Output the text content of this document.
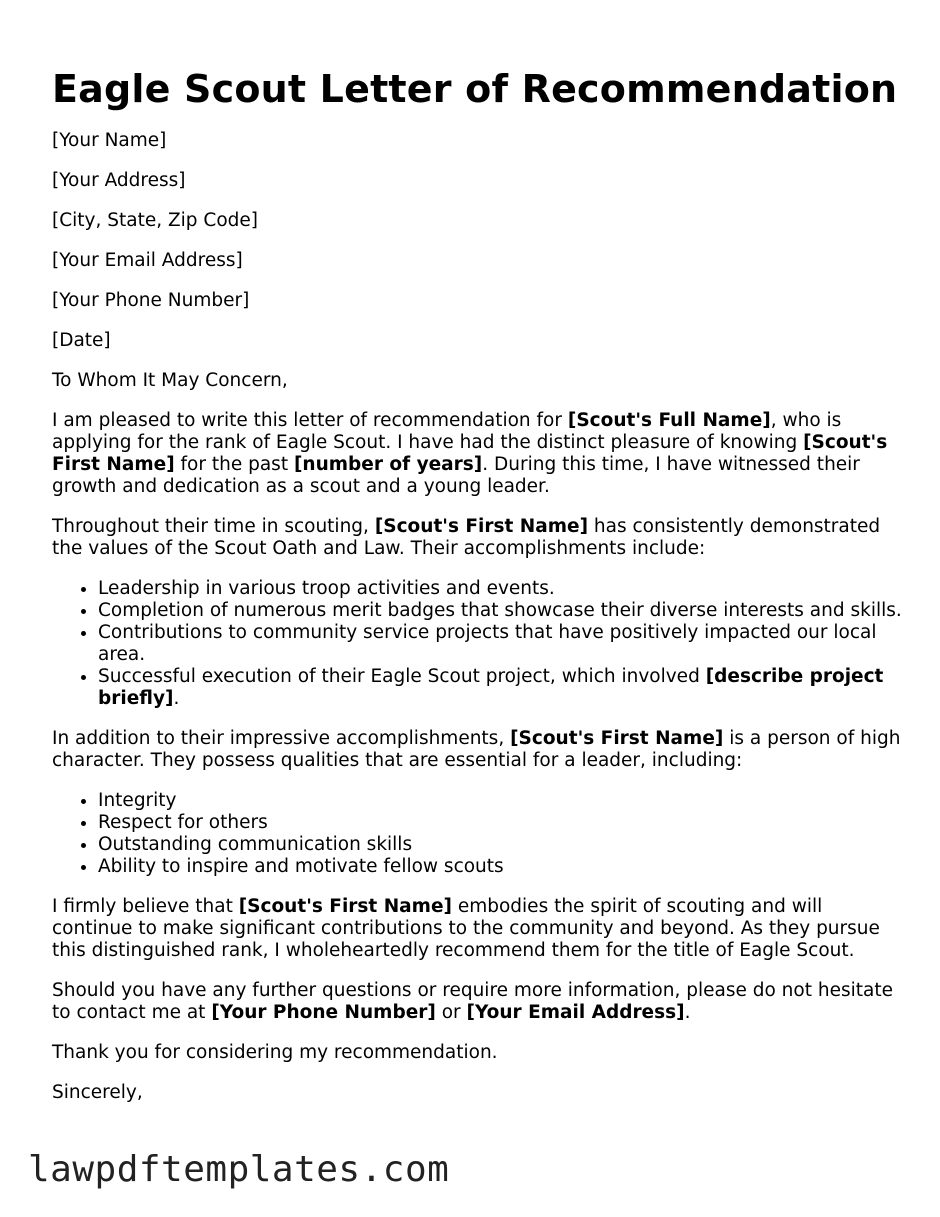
Eagle Scout Letter of Recommendation

[Your Name]

[Your Address]

[City, State, Zip Code]

[Your Email Address]

[Your Phone Number]

[Date]

To Whom It May Concern,

I am pleased to write this letter of recommendation for [Scout's Full Name], who is applying for the rank of Eagle Scout. I have had the distinct pleasure of knowing [Scout's First Name] for the past [number of years]. During this time, I have witnessed their growth and dedication as a scout and a young leader.

Throughout their time in scouting, [Scout's First Name] has consistently demonstrated the values of the Scout Oath and Law. Their accomplishments include:

• Leadership in various troop activities and events.
• Completion of numerous merit badges that showcase their diverse interests and skills.
• Contributions to community service projects that have positively impacted our local area.
• Successful execution of their Eagle Scout project, which involved [describe project briefly].

In addition to their impressive accomplishments, [Scout's First Name] is a person of high character. They possess qualities that are essential for a leader, including:

• Integrity
• Respect for others
• Outstanding communication skills
• Ability to inspire and motivate fellow scouts

I firmly believe that [Scout's First Name] embodies the spirit of scouting and will continue to make significant contributions to the community and beyond. As they pursue this distinguished rank, I wholeheartedly recommend them for the title of Eagle Scout.

Should you have any further questions or require more information, please do not hesitate to contact me at [Your Phone Number] or [Your Email Address].

Thank you for considering my recommendation.

Sincerely,

lawpdftemplates.com
